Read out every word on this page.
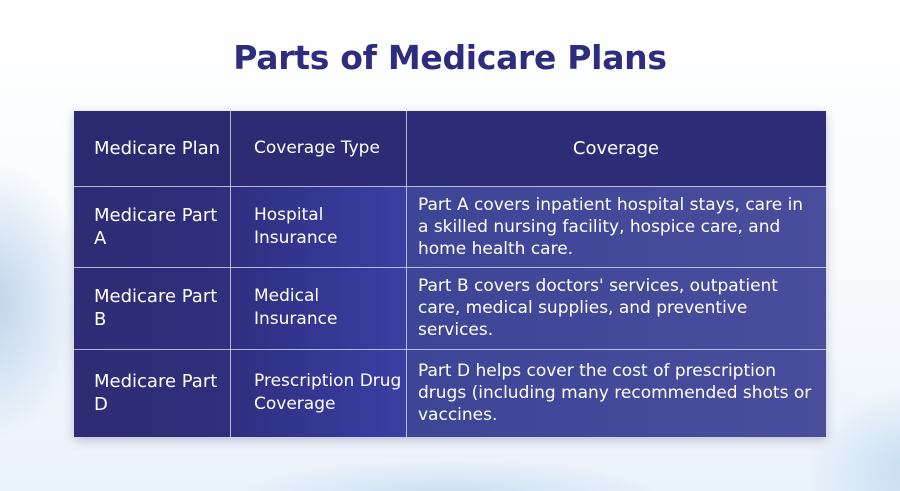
Parts of Medicare Plans
Medicare Plan	Coverage Type	Coverage
Medicare Part A
Hospital Insurance
Part A covers inpatient hospital stays, care in a skilled nursing facility, hospice care, and home health care.
Medicare Part B
Medical Insurance
Part B covers doctors' services, outpatient care, medical supplies, and preventive services.
Medicare Part D
Prescription Drug Coverage
Part D helps cover the cost of prescription drugs (including many recommended shots or vaccines.
